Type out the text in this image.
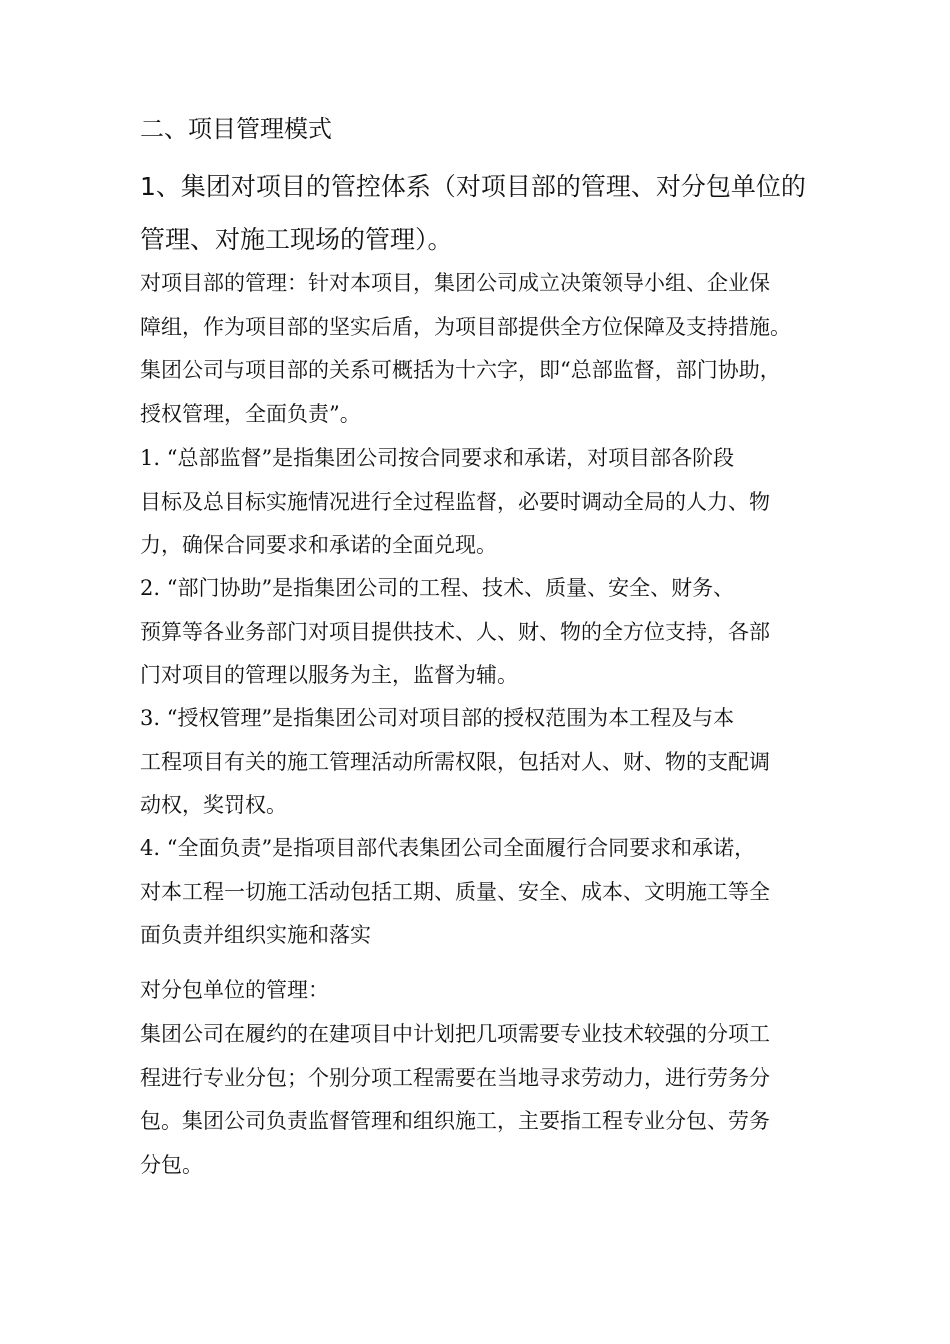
二、项目管理模式
1、集团对项目的管控体系（对项目部的管理、对分包单位的
管理、对施工现场的管理）。
对项目部的管理：针对本项目，集团公司成立决策领导小组、企业保
障组，作为项目部的坚实后盾，为项目部提供全方位保障及支持措施。
集团公司与项目部的关系可概括为十六字，即“总部监督，部门协助，
授权管理，全面负责”。
1. “总部监督”是指集团公司按合同要求和承诺，对项目部各阶段
目标及总目标实施情况进行全过程监督，必要时调动全局的人力、物
力，确保合同要求和承诺的全面兑现。
2. “部门协助”是指集团公司的工程、技术、质量、安全、财务、
预算等各业务部门对项目提供技术、人、财、物的全方位支持，各部
门对项目的管理以服务为主，监督为辅。
3. “授权管理”是指集团公司对项目部的授权范围为本工程及与本
工程项目有关的施工管理活动所需权限，包括对人、财、物的支配调
动权，奖罚权。
4. “全面负责”是指项目部代表集团公司全面履行合同要求和承诺，
对本工程一切施工活动包括工期、质量、安全、成本、文明施工等全
面负责并组织实施和落实
对分包单位的管理：
集团公司在履约的在建项目中计划把几项需要专业技术较强的分项工
程进行专业分包；个别分项工程需要在当地寻求劳动力，进行劳务分
包。集团公司负责监督管理和组织施工，主要指工程专业分包、劳务
分包。
